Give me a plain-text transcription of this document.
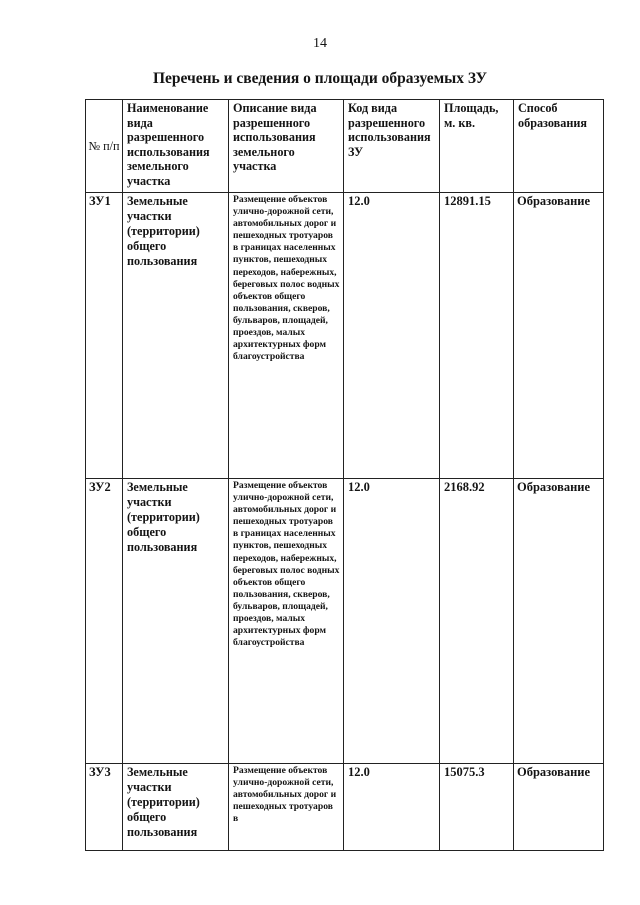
14
Перечень и сведения о площади образуемых ЗУ
№ п/п	Наименование вида разрешенного использования земельного участка	Описание вида разрешенного использования земельного участка	Код вида разрешенного использования ЗУ	Площадь, м. кв.	Способ образования
ЗУ1	Земельные участки (территории) общего пользования	Размещение объектов улично-дорожной сети, автомобильных дорог и пешеходных тротуаров в границах населенных пунктов, пешеходных переходов, набережных, береговых полос водных объектов общего пользования, скверов, бульваров, площадей, проездов, малых архитектурных форм благоустройства	12.0	12891.15	Образование
ЗУ2	Земельные участки (территории) общего пользования	Размещение объектов улично-дорожной сети, автомобильных дорог и пешеходных тротуаров в границах населенных пунктов, пешеходных переходов, набережных, береговых полос водных объектов общего пользования, скверов, бульваров, площадей, проездов, малых архитектурных форм благоустройства	12.0	2168.92	Образование
ЗУ3	Земельные участки (территории) общего пользования	Размещение объектов улично-дорожной сети, автомобильных дорог и пешеходных тротуаров в	12.0	15075.3	Образование
